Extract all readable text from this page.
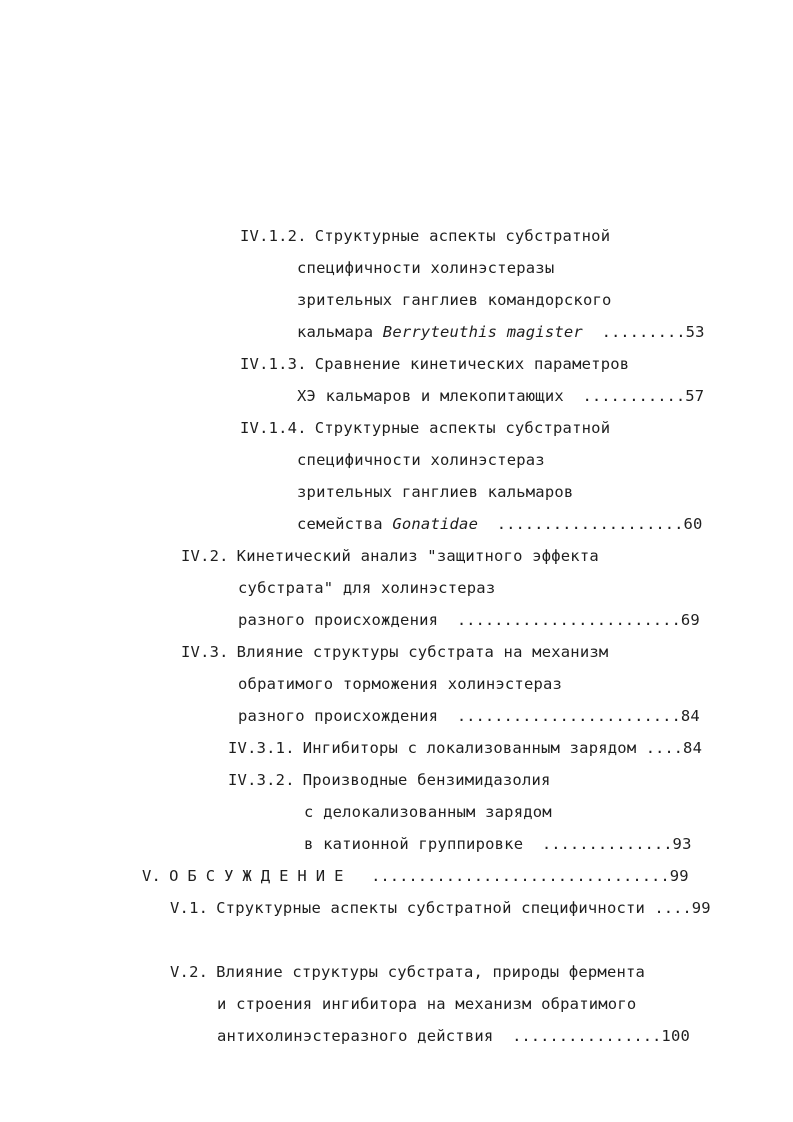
IV.1.2. Структурные аспекты субстратной
специфичности холинэстеразы
зрительных ганглиев командорского
кальмара Berryteuthis magister  .........53
IV.1.3. Сравнение кинетических параметров
ХЭ кальмаров и млекопитающих  ...........57
IV.1.4. Структурные аспекты субстратной
специфичности холинэстераз
зрительных ганглиев кальмаров
семейства Gonatidae  ....................60
IV.2. Кинетический анализ "защитного эффекта
субстрата" для холинэстераз
разного происхождения  ........................69
IV.3. Влияние структуры субстрата на механизм
обратимого торможения холинэстераз
разного происхождения  ........................84
IV.3.1. Ингибиторы с локализованным зарядом ....84
IV.3.2. Производные бензимидазолия
с делокализованным зарядом
в катионной группировке  ..............93
V. ОБСУЖДЕНИЕ  ................................99
V.1. Структурные аспекты субстратной специфичности ....99
V.2. Влияние структуры субстрата, природы фермента
и строения ингибитора на механизм обратимого
антихолинэстеразного действия  ................100
